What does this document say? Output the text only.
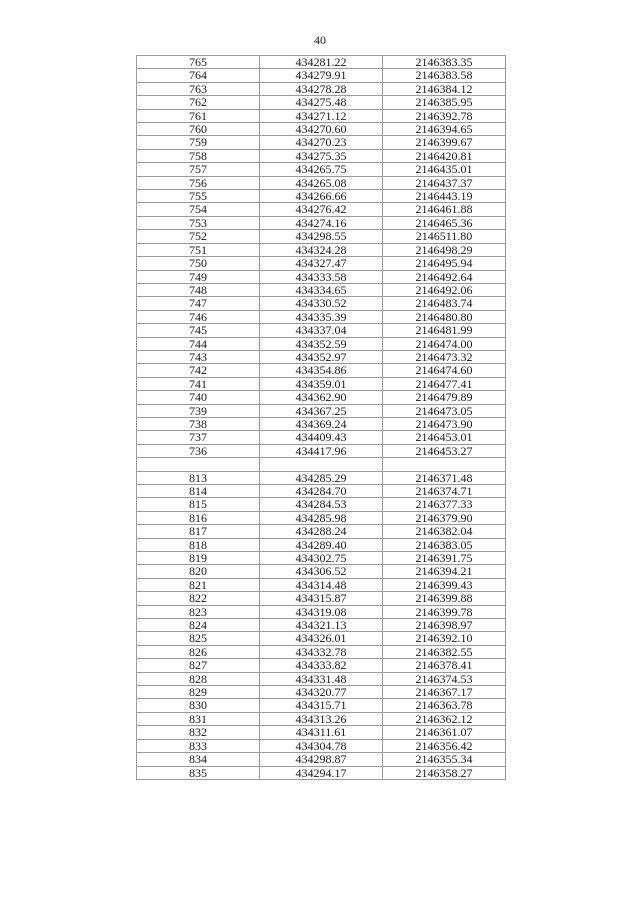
40
765	434281.22	2146383.35
764	434279.91	2146383.58
763	434278.28	2146384.12
762	434275.48	2146385.95
761	434271.12	2146392.78
760	434270.60	2146394.65
759	434270.23	2146399.67
758	434275.35	2146420.81
757	434265.75	2146435.01
756	434265.08	2146437.37
755	434266.66	2146443.19
754	434276.42	2146461.88
753	434274.16	2146465.36
752	434298.55	2146511.80
751	434324.28	2146498.29
750	434327.47	2146495.94
749	434333.58	2146492.64
748	434334.65	2146492.06
747	434330.52	2146483.74
746	434335.39	2146480.80
745	434337.04	2146481.99
744	434352.59	2146474.00
743	434352.97	2146473.32
742	434354.86	2146474.60
741	434359.01	2146477.41
740	434362.90	2146479.89
739	434367.25	2146473.05
738	434369.24	2146473.90
737	434409.43	2146453.01
736	434417.96	2146453.27

813	434285.29	2146371.48
814	434284.70	2146374.71
815	434284.53	2146377.33
816	434285.98	2146379.90
817	434288.24	2146382.04
818	434289.40	2146383.05
819	434302.75	2146391.75
820	434306.52	2146394.21
821	434314.48	2146399.43
822	434315.87	2146399.88
823	434319.08	2146399.78
824	434321.13	2146398.97
825	434326.01	2146392.10
826	434332.78	2146382.55
827	434333.82	2146378.41
828	434331.48	2146374.53
829	434320.77	2146367.17
830	434315.71	2146363.78
831	434313.26	2146362.12
832	434311.61	2146361.07
833	434304.78	2146356.42
834	434298.87	2146355.34
835	434294.17	2146358.27
